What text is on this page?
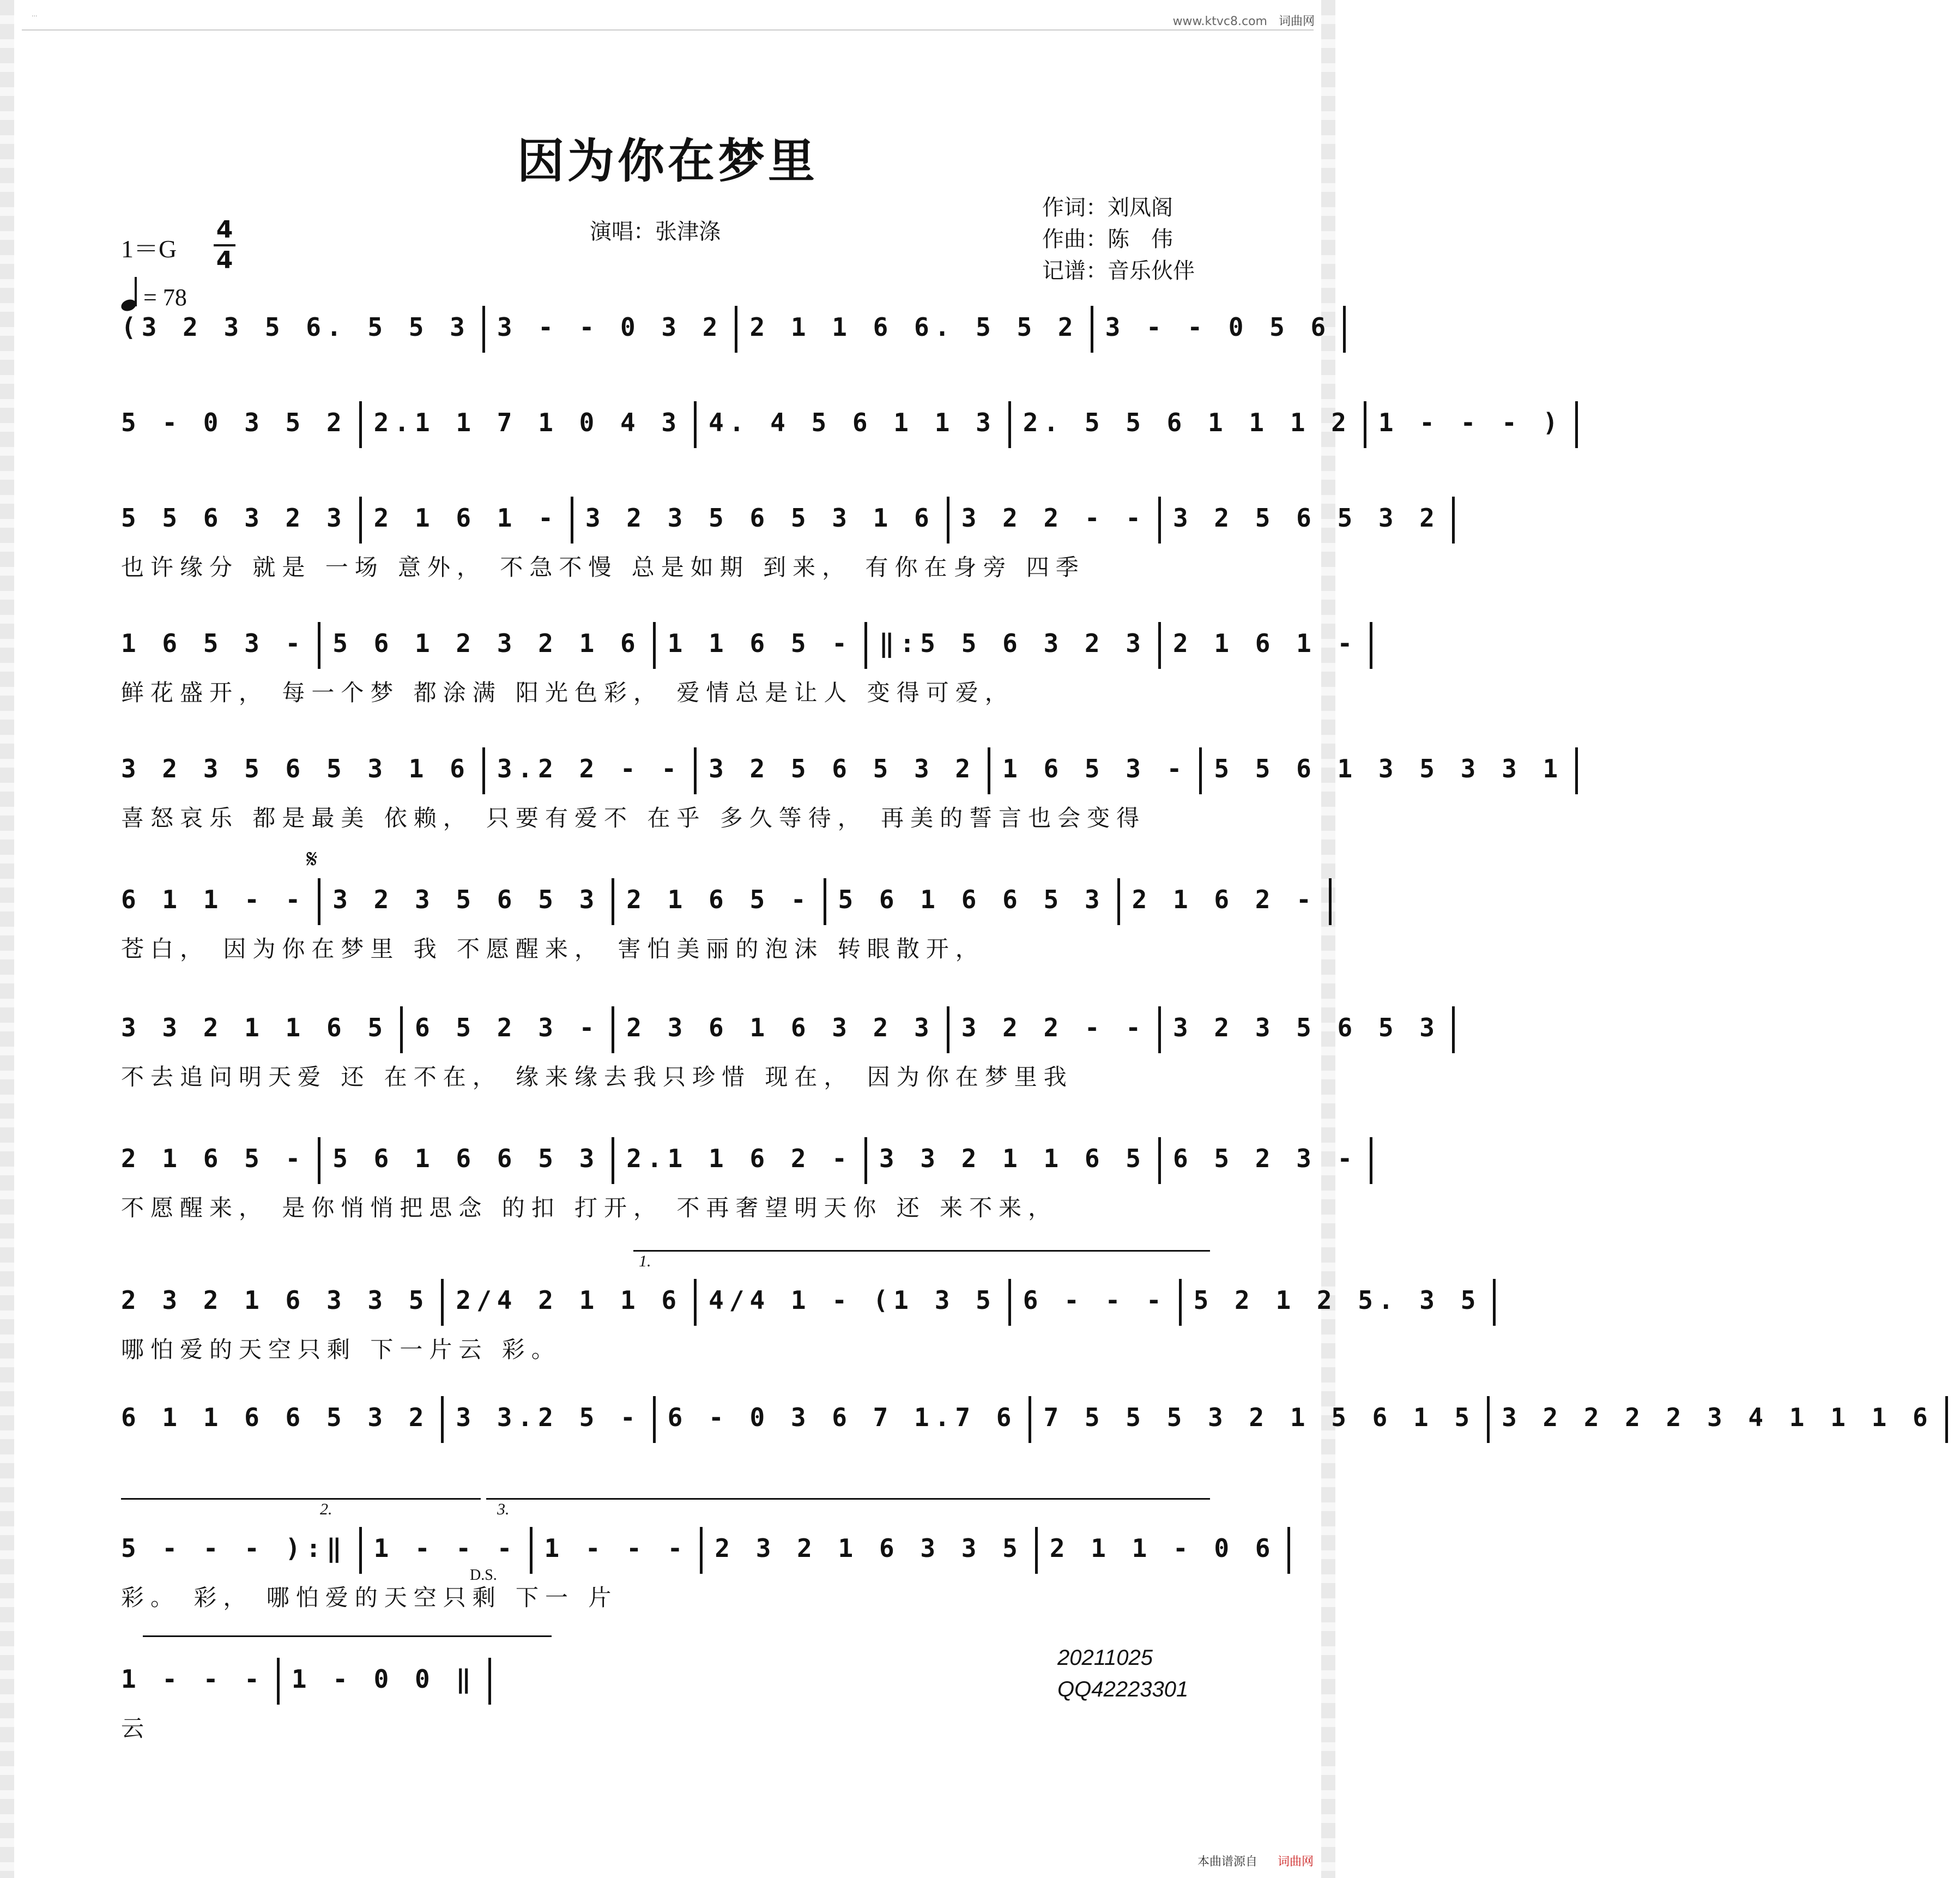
...
www.ktvc8.com 词曲网
因为你在梦里
演唱：张津涤
作词：刘凤阁
作曲：陈　伟
记谱：音乐伙伴
1＝G
4
4
= 78
(3 2 3 5 6. 5 5 3 3 - - 0 3 2 2 1 1 6 6. 5 5 2 3 - - 0 5 6
5 - 0 3 5 2 2.1 1 7 1 0 4 3 4. 4 5 6 1 1 3 2. 5 5 6 1 1 1 2 1 - - - )
5 5 6 3 2 3 2 1 6 1 - 3 2 3 5 6 5 3 1 6 3 2 2 - - 3 2 5 6 5 3 2
也许缘分 就是 一场 意外， 不急不慢 总是如期 到来， 有你在身旁 四季
1 6 5 3 - 5 6 1 2 3 2 1 6 1 1 6 5 - ‖:5 5 6 3 2 3 2 1 6 1 -
鲜花盛开， 每一个梦 都涂满 阳光色彩， 爱情总是让人 变得可爱，
3 2 3 5 6 5 3 1 6 3.2 2 - - 3 2 5 6 5 3 2 1 6 5 3 - 5 5 6 1 3 5 3 3 1
喜怒哀乐 都是最美 依赖， 只要有爱不 在乎 多久等待， 再美的誓言也会变得
6 1 1 - - 3 2 3 5 6 5 3 2 1 6 5 - 5 6 1 6 6 5 3 2 1 6 2 -
苍白， 因为你在梦里 我 不愿醒来， 害怕美丽的泡沫 转眼散开，
𝄋
3 3 2 1 1 6 5 6 5 2 3 - 2 3 6 1 6 3 2 3 3 2 2 - - 3 2 3 5 6 5 3
不去追问明天爱 还 在不在， 缘来缘去我只珍惜 现在， 因为你在梦里我
2 1 6 5 - 5 6 1 6 6 5 3 2.1 1 6 2 - 3 3 2 1 1 6 5 6 5 2 3 -
不愿醒来， 是你悄悄把思念 的扣 打开， 不再奢望明天你 还 来不来，
2 3 2 1 6 3 3 5 2/4 2 1 1 6 4/4 1 - (1 3 5 6 - - - 5 2 1 2 5. 3 5
哪怕爱的天空只剩 下一片云 彩。
1.
6 1 1 6 6 5 3 2 3 3.2 5 - 6 - 0 3 6 7 1.7 6 7 5 5 5 3 2 1 5 6 1 5 3 2 2 2 2 3 4 1 1 1 6
5 - - - ):‖ 1 - - - 1 - - - 2 3 2 1 6 3 3 5 2 1 1 - 0 6
彩。 彩， 哪怕爱的天空只剩 下一 片
2.	3.
D.S.
1 - - - 1 - 0 0 ‖
云
20211025
QQ42223301
本曲谱源自 词曲网
